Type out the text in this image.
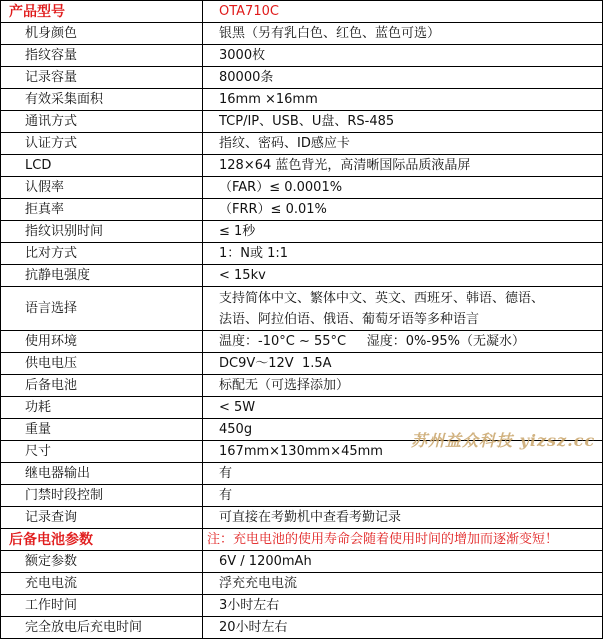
产品型号	OTA710C
机身颜色	银黑（另有乳白色、红色、蓝色可选）
指纹容量	3000枚
记录容量	80000条
有效采集面积	16mm ×16mm
通讯方式	TCP/IP、USB、U盘、RS-485
认证方式	指纹、密码、ID感应卡
LCD	128×64 蓝色背光，高清晰国际品质液晶屏
认假率	（FAR）≤ 0.0001%
拒真率	（FRR）≤ 0.01%
指纹识别时间	≤ 1秒
比对方式	1：N或 1:1
抗静电强度	< 15kv
语言选择	支持简体中文、繁体中文、英文、西班牙、韩语、德语、
法语、阿拉伯语、俄语、葡萄牙语等多种语言

使用环境	温度：-10°C ~ 55°C     湿度：0%-95%（无凝水）
供电电压	DC9V～12V  1.5A
后备电池	标配无（可选择添加）
功耗	< 5W
重量	450g
尺寸	167mm×130mm×45mm
继电器输出	有
门禁时段控制	有
记录查询	可直接在考勤机中查看考勤记录
后备电池参数	注：充电电池的使用寿命会随着使用时间的增加而逐渐变短！
额定参数	6V / 1200mAh
充电电流	浮充充电电流
工作时间	3小时左右
完全放电后充电时间	20小时左右
苏州益众科技 yizsz.cc
